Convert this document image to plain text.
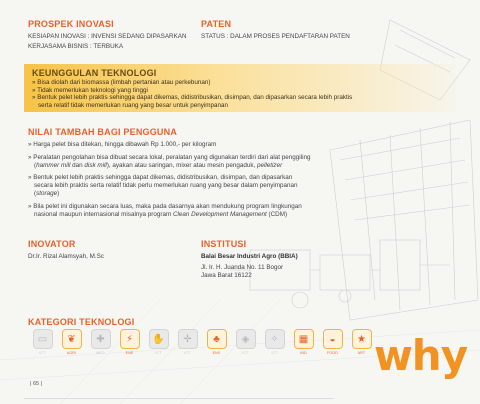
PROSPEK INOVASI
KESIAPAN INOVASI : INVENSI SEDANG DIPASARKAN
KERJASAMA BISNIS : TERBUKA
PATEN
STATUS : DALAM PROSES PENDAFTARAN PATEN
KEUNGGULAN TEKNOLOGI
» Bisa diolah dari biomassa (limbah pertanian atau perkebunan)
» Tidak memerlukan teknologi yang tinggi
» Bentuk pelet lebih praktis sehingga dapat dikemas, didistribusikan, disimpan, dan dipasarkan secara lebih praktis
serta relatif tidak memerlukan ruang yang besar untuk penyimpanan
NILAI TAMBAH BAGI PENGGUNA
» Harga pelet bisa ditekan, hingga dibawah Rp 1.000,- per kilogram
» Peralatan pengolahan bisa dibuat secara lokal, peralatan yang digunakan terdiri dari alat penggiling
(hammer mill dan disk mill), ayakan atau saringan, mixer atau mesin pengaduk, pelletizer
» Bentuk pelet lebih praktis sehingga dapat dikemas, didistribusikan, disimpan, dan dipasarkan
secara lebih praktis serta relatif tidak perlu memerlukan ruang yang besar dalam penyimpanan
(storage)
» Bila pelet ini digunakan secara luas, maka pada dasarnya akan mendukung program lingkungan
nasional maupun internasional misalnya program Clean Development Management (CDM)
INOVATOR
Dr.Ir. Rizal Alamsyah, M.Sc
INSTITUSI
Balai Besar Industri Agro (BBIA)
Jl. Ir. H. Juanda No. 11 Bogor
Jawa Barat 16122
KATEGORI TEKNOLOGI
▭
ICT
❦
AGRI
✚
MED
⚡
ENE
✋
ICT
✛
ICT
♣
ENV
◈
ICT
✧
ICT
▦
IND
◒
FOOD
★
ART why
| 65 |
